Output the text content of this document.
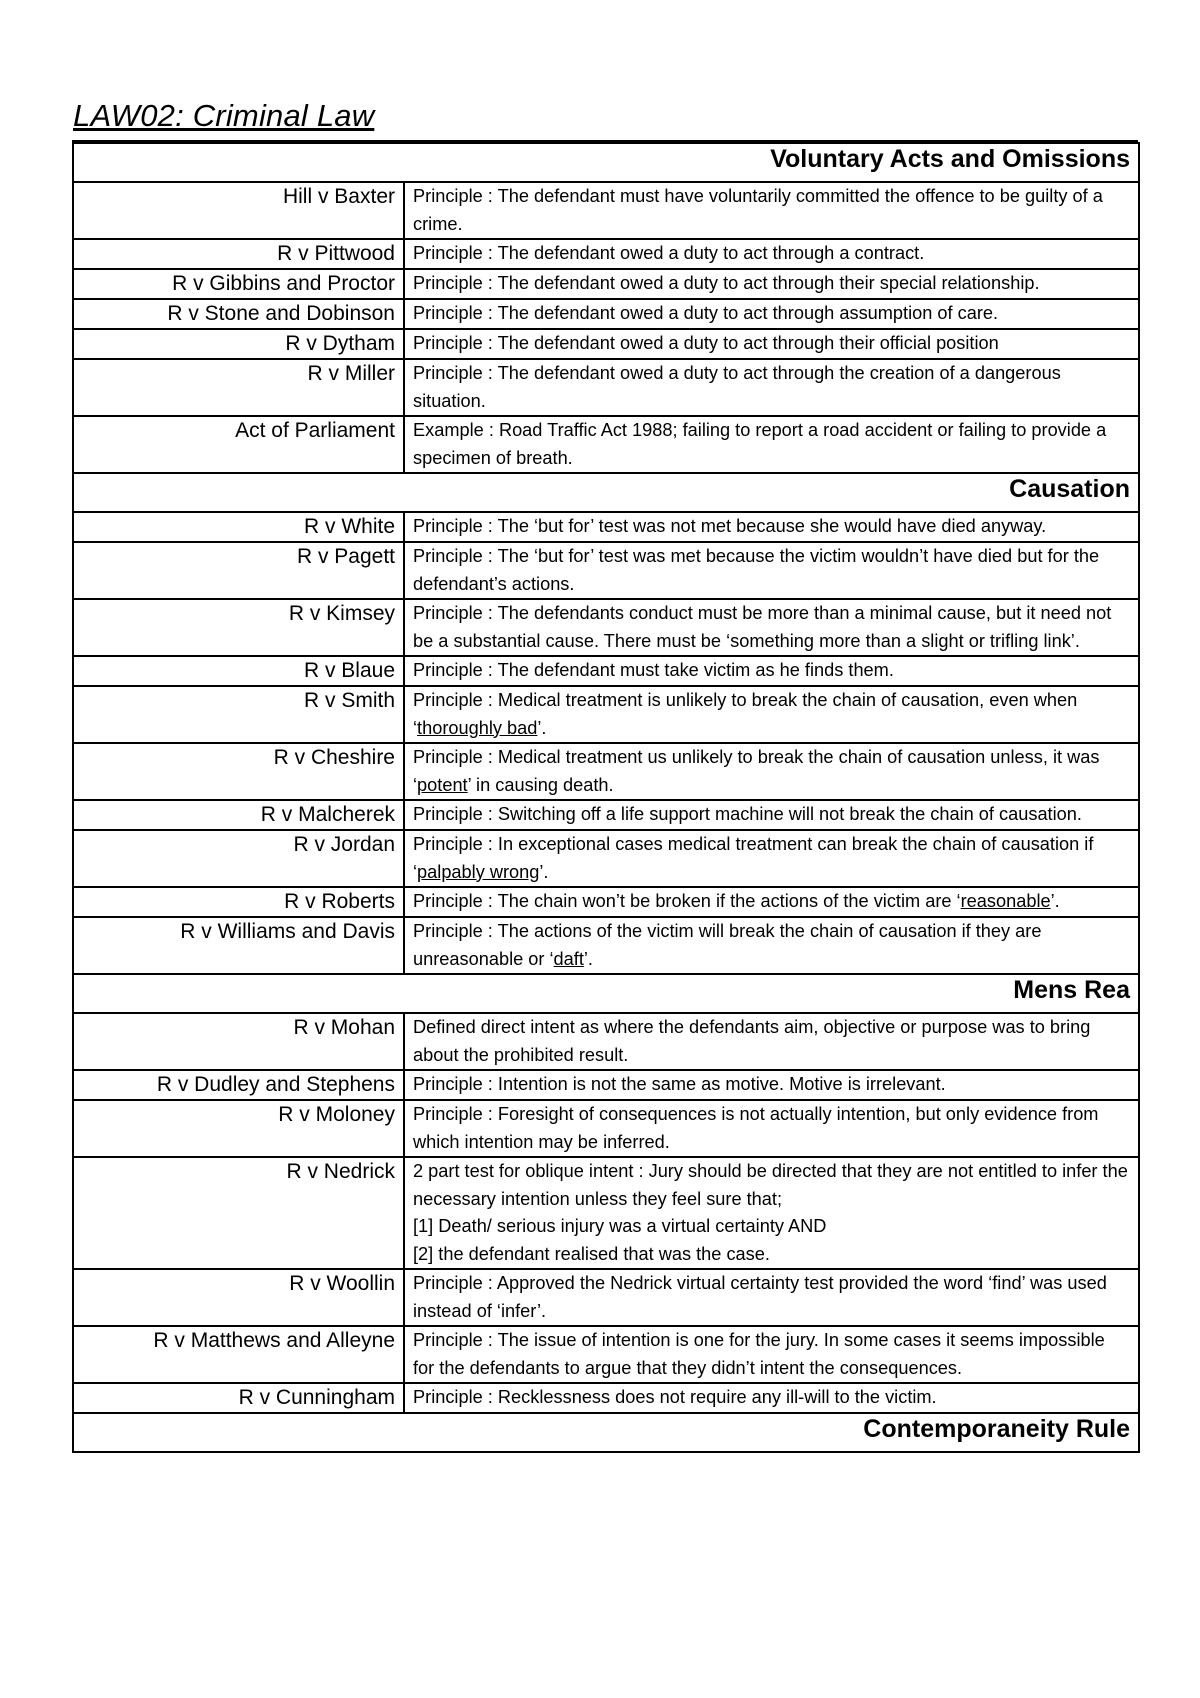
LAW02: Criminal Law
Voluntary Acts and Omissions	
Hill v Baxter	Principle : The defendant must have voluntarily committed the offence to be guilty of a crime.
R v Pittwood	Principle : The defendant owed a duty to act through a contract.
R v Gibbins and Proctor	Principle : The defendant owed a duty to act through their special relationship.
R v Stone and Dobinson	Principle : The defendant owed a duty to act through assumption of care.
R v Dytham	Principle : The defendant owed a duty to act through their official position
R v Miller	Principle : The defendant owed a duty to act through the creation of a dangerous situation.
Act of Parliament	Example : Road Traffic Act 1988; failing to report a road accident or failing to provide a specimen of breath.
Causation	
R v White	Principle : The ‘but for’ test was not met because she would have died anyway.
R v Pagett	Principle : The ‘but for’ test was met because the victim wouldn’t have died but for the defendant’s actions.
R v Kimsey	Principle : The defendants conduct must be more than a minimal cause, but it need not be a substantial cause. There must be ‘something more than a slight or trifling link’.
R v Blaue	Principle : The defendant must take victim as he finds them.
R v Smith	Principle : Medical treatment is unlikely to break the chain of causation, even when ‘thoroughly bad’.
R v Cheshire	Principle : Medical treatment us unlikely to break the chain of causation unless, it was ‘potent’ in causing death.
R v Malcherek	Principle : Switching off a life support machine will not break the chain of causation.
R v Jordan	Principle : In exceptional cases medical treatment can break the chain of causation if ‘palpably wrong’.
R v Roberts	Principle : The chain won’t be broken if the actions of the victim are ‘reasonable’.
R v Williams and Davis	Principle : The actions of the victim will break the chain of causation if they are unreasonable or ‘daft’.
Mens Rea	
R v Mohan	Defined direct intent as where the defendants aim, objective or purpose was to bring about the prohibited result.
R v Dudley and Stephens	Principle : Intention is not the same as motive. Motive is irrelevant.
R v Moloney	Principle : Foresight of consequences is not actually intention, but only evidence from which intention may be inferred.
R v Nedrick	2 part test for oblique intent : Jury should be directed that they are not entitled to infer the necessary intention unless they feel sure that;
[1] Death/ serious injury was a virtual certainty AND
[2] the defendant realised that was the case.

R v Woollin	Principle : Approved the Nedrick virtual certainty test provided the word ‘find’ was used instead of ‘infer’.
R v Matthews and Alleyne	Principle : The issue of intention is one for the jury. In some cases it seems impossible for the defendants to argue that they didn’t intent the consequences.
R v Cunningham	Principle : Recklessness does not require any ill-will to the victim.
Contemporaneity Rule	
